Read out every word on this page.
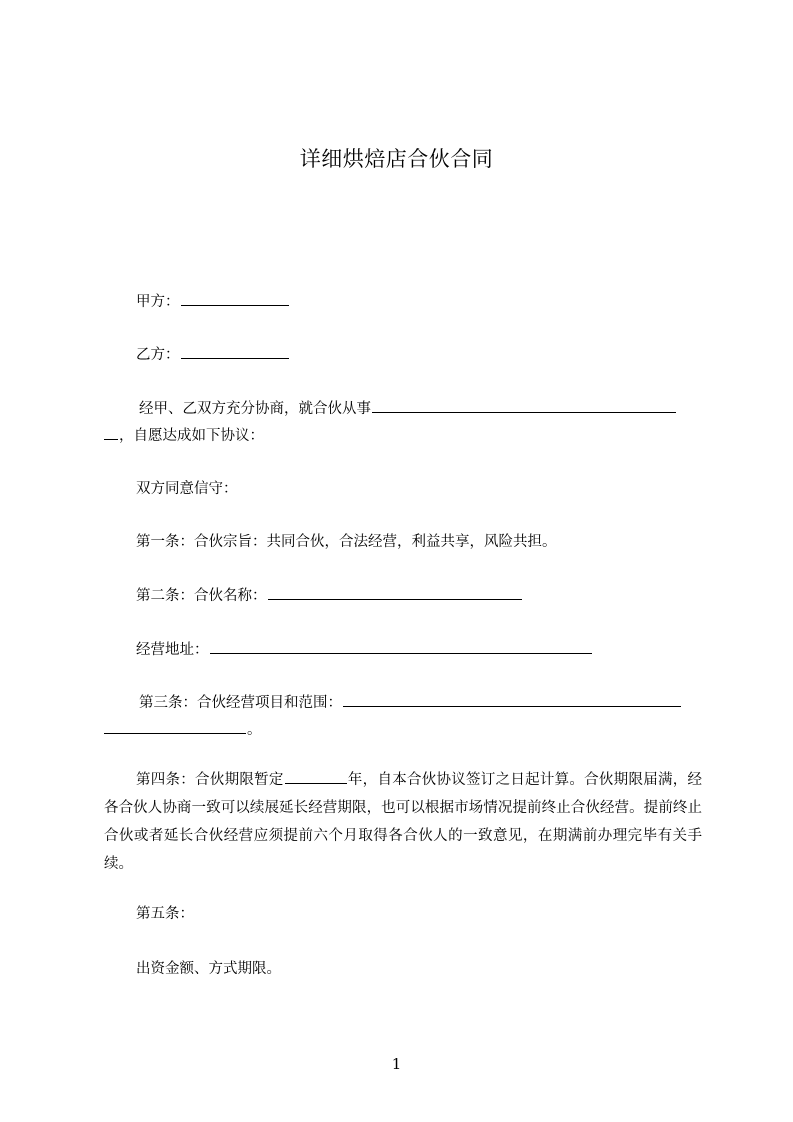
详细烘焙店合伙合同
甲方：
乙方：
经甲、乙双方充分协商，就合伙从事
，自愿达成如下协议：
双方同意信守：
第一条：合伙宗旨：共同合伙，合法经营，利益共享，风险共担。
第二条：合伙名称：
经营地址：
第三条：合伙经营项目和范围：
。
第四条：合伙期限暂定	年，自本合伙协议签订之日起计算。合伙期限届满，经各合伙人协商一致可以续展延长经营期限，也可以根据市场情况提前终止合伙经营。提前终止合伙或者延长合伙经营应须提前六个月取得各合伙人的一致意见，在期满前办理完毕有关手续。
第五条：
出资金额、方式期限。
1
